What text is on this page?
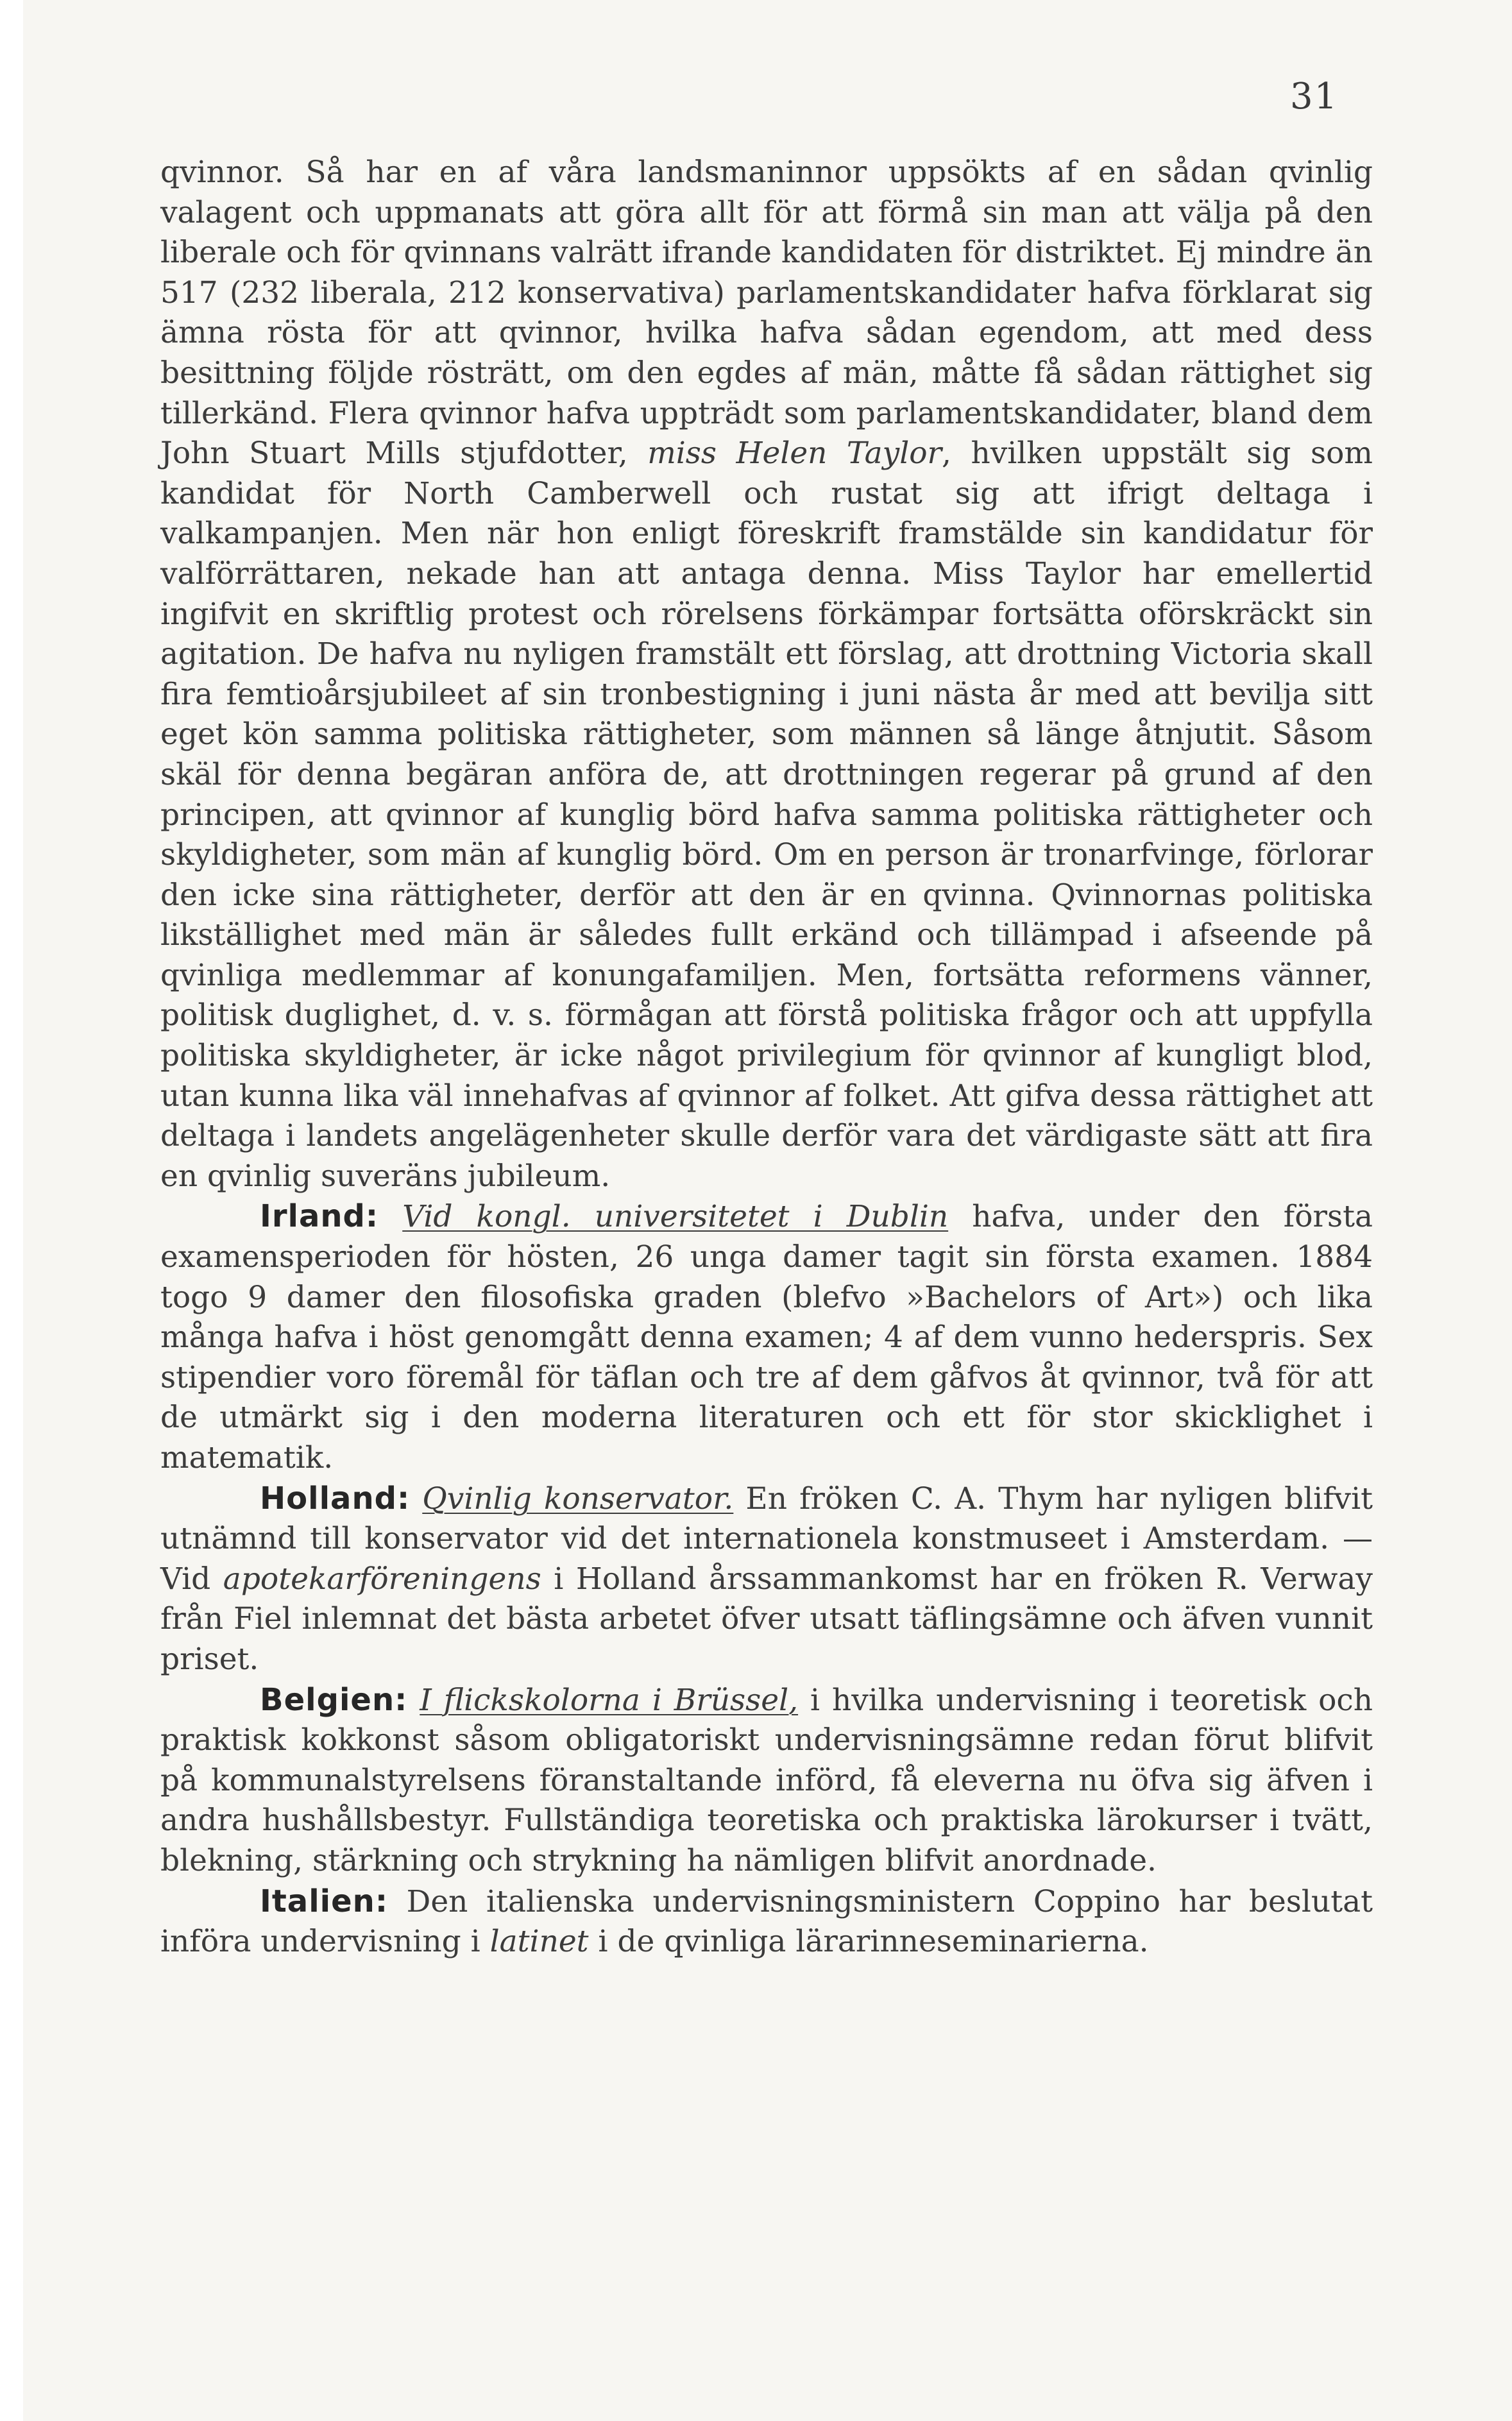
31

qvinnor. Så har en af våra landsmaninnor uppsökts af en sådan qvinlig valagent och uppmanats att göra allt för att förmå sin man att välja på den liberale och för qvinnans valrätt ifrande kandidaten för distriktet. Ej mindre än 517 (232 liberala, 212 konservativa) parlamentskandidater hafva förklarat sig ämna rösta för att qvinnor, hvilka hafva sådan egendom, att med dess besittning följde rösträtt, om den egdes af män, måtte få sådan rättighet sig tillerkänd. Flera qvinnor hafva uppträdt som parlamentskandidater, bland dem John Stuart Mills stjufdotter, miss Helen Taylor, hvilken uppstält sig som kandidat för North Camberwell och rustat sig att ifrigt deltaga i valkampanjen. Men när hon enligt föreskrift framstälde sin kandidatur för valförrättaren, nekade han att antaga denna. Miss Taylor har emellertid ingifvit en skriftlig protest och rörelsens förkämpar fortsätta oförskräckt sin agitation. De hafva nu nyligen framstält ett förslag, att drottning Victoria skall fira femtioårsjubileet af sin tronbestigning i juni nästa år med att bevilja sitt eget kön samma politiska rättigheter, som männen så länge åtnjutit. Såsom skäl för denna begäran anföra de, att drottningen regerar på grund af den principen, att qvinnor af kunglig börd hafva samma politiska rättigheter och skyldigheter, som män af kunglig börd. Om en person är tronarfvinge, förlorar den icke sina rättigheter, derför att den är en qvinna. Qvinnornas politiska likställighet med män är således fullt erkänd och tillämpad i afseende på qvinliga medlemmar af konungafamiljen. Men, fortsätta reformens vänner, politisk duglighet, d. v. s. förmågan att förstå politiska frågor och att uppfylla politiska skyldigheter, är icke något privilegium för qvinnor af kungligt blod, utan kunna lika väl innehafvas af qvinnor af folket. Att gifva dessa rättighet att deltaga i landets angelägenheter skulle derför vara det värdigaste sätt att fira en qvinlig suveräns jubileum.

Irland: Vid kongl. universitetet i Dublin hafva, under den första examensperioden för hösten, 26 unga damer tagit sin första examen. 1884 togo 9 damer den filosofiska graden (blefvo »Bachelors of Art») och lika många hafva i höst genomgått denna examen; 4 af dem vunno hederspris. Sex stipendier voro föremål för täflan och tre af dem gåfvos åt qvinnor, två för att de utmärkt sig i den moderna literaturen och ett för stor skicklighet i matematik.

Holland: Qvinlig konservator. En fröken C. A. Thym har nyligen blifvit utnämnd till konservator vid det internationela konstmuseet i Amsterdam. — Vid apotekarföreningens i Holland årssammankomst har en fröken R. Verway från Fiel inlemnat det bästa arbetet öfver utsatt täflingsämne och äfven vunnit priset.

Belgien: I flickskolorna i Brüssel, i hvilka undervisning i teoretisk och praktisk kokkonst såsom obligatoriskt undervisningsämne redan förut blifvit på kommunalstyrelsens föranstaltande införd, få eleverna nu öfva sig äfven i andra hushållsbestyr. Fullständiga teoretiska och praktiska lärokurser i tvätt, blekning, stärkning och strykning ha nämligen blifvit anordnade.

Italien: Den italienska undervisningsministern Coppino har beslutat införa undervisning i latinet i de qvinliga lärarinneseminarierna.
